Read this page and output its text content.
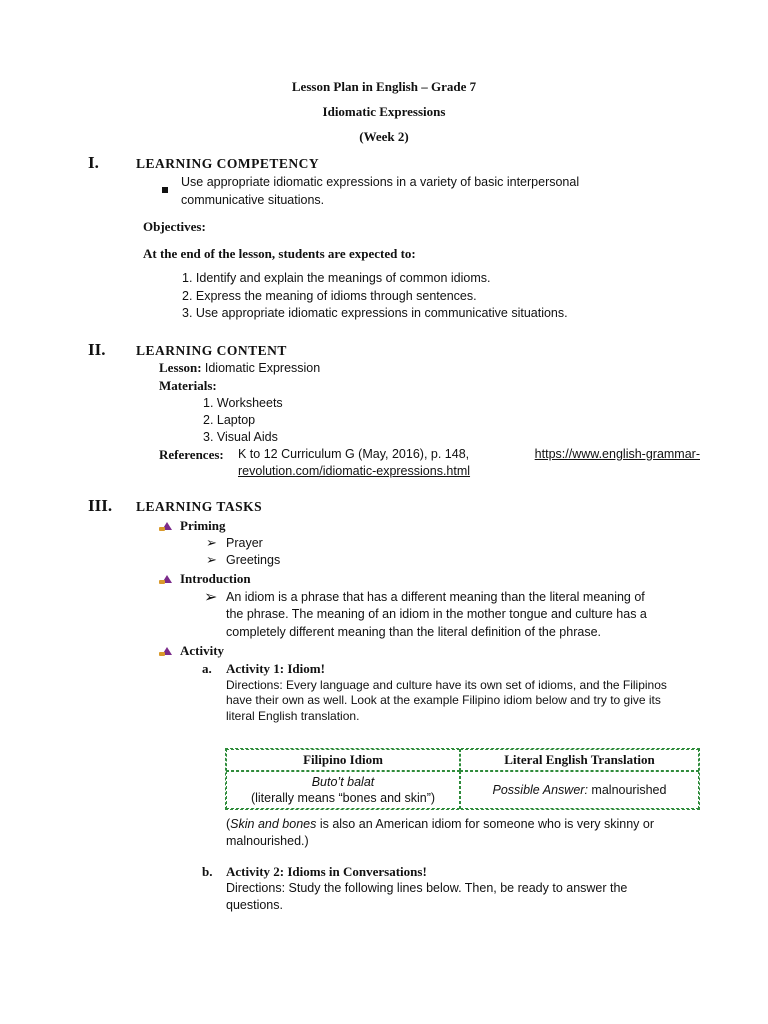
Lesson Plan in English – Grade 7
Idiomatic Expressions
(Week 2)
I.	LEARNING COMPETENCY
Use appropriate idiomatic expressions in a variety of basic interpersonal
communicative situations.
Objectives:
At the end of the lesson, students are expected to:
1. Identify and explain the meanings of common idioms.
2. Express the meaning of idioms through sentences.
3. Use appropriate idiomatic expressions in communicative situations.
II. LEARNING CONTENT
Lesson: Idiomatic Expression
Materials:
1. Worksheets
2. Laptop
3. Visual Aids
References: K to 12 Curriculum G (May, 2016), p. 148,	https://www.english-grammar-
revolution.com/idiomatic-expressions.html
III. LEARNING TASKS
Priming
➢ Prayer
➢ Greetings
Introduction
➢ An idiom is a phrase that has a different meaning than the literal meaning of
the phrase. The meaning of an idiom in the mother tongue and culture has a
completely different meaning than the literal definition of the phrase.
Activity
a. Activity 1: Idiom!
Directions: Every language and culture have its own set of idioms, and the Filipinos
have their own as well. Look at the example Filipino idiom below and try to give its
literal English translation.
Filipino Idiom	Literal English Translation

Buto’t balat
(literally means “bones and skin”)	Possible Answer: malnourished
(Skin and bones is also an American idiom for someone who is very skinny or
malnourished.)
b. Activity 2: Idioms in Conversations!
Directions: Study the following lines below. Then, be ready to answer the
questions.
